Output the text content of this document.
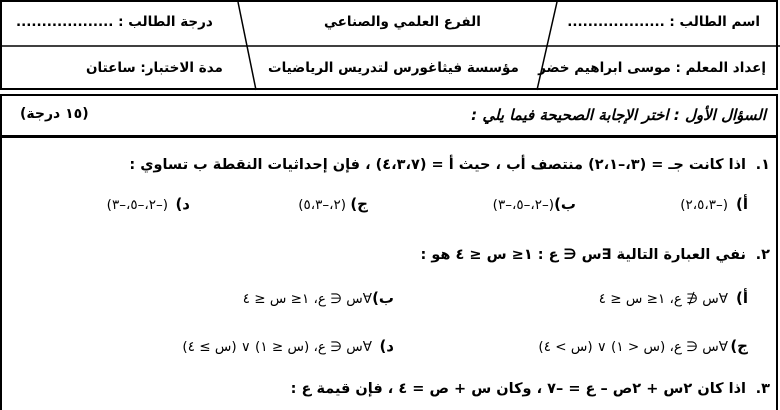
اسم الطالب : ...................
الفرع العلمي والصناعي
درجة الطالب : ...................
إعداد المعلم : موسى ابراهيم خضر
مؤسسة فيثاغورس لتدريس الرياضيات
مدة الاختبار: ساعتان
السؤال الأول : اختر الإجابة الصحيحة فيما يلي :
(١٥ درجة)
١.
اذا كانت جـ = (٣،–٢،١) منتصف أب ، حيث أ = (٤،٣،٧) ، فإن إحداثيات النقطة ب تساوي :
أ)
(–٢،٥،٣)
ب)
(–٢،–٥،–٣)
ج)
(٢،–٥،٣)
د)
(–٢،–٥،–٣)
٢.
نفي العبارة التالية ∃س ∈ ع : ١≤ س ≤ ٤ هو :
أ)
∀س ∉ ع، ١≤ س ≤ ٤
ب)
∀س ∈ ع، ١≤ س ≤ ٤
ج)
∀س ∈ ع، (س < ١) ∨ (س > ٤)
د)
∀س ∈ ع، (س ≤ ١) ∨ (س ≥ ٤)
٣.
اذا كان ٢س + ٢ص – ع = –٧ ، وكان س + ص = ٤ ، فإن قيمة ع :
